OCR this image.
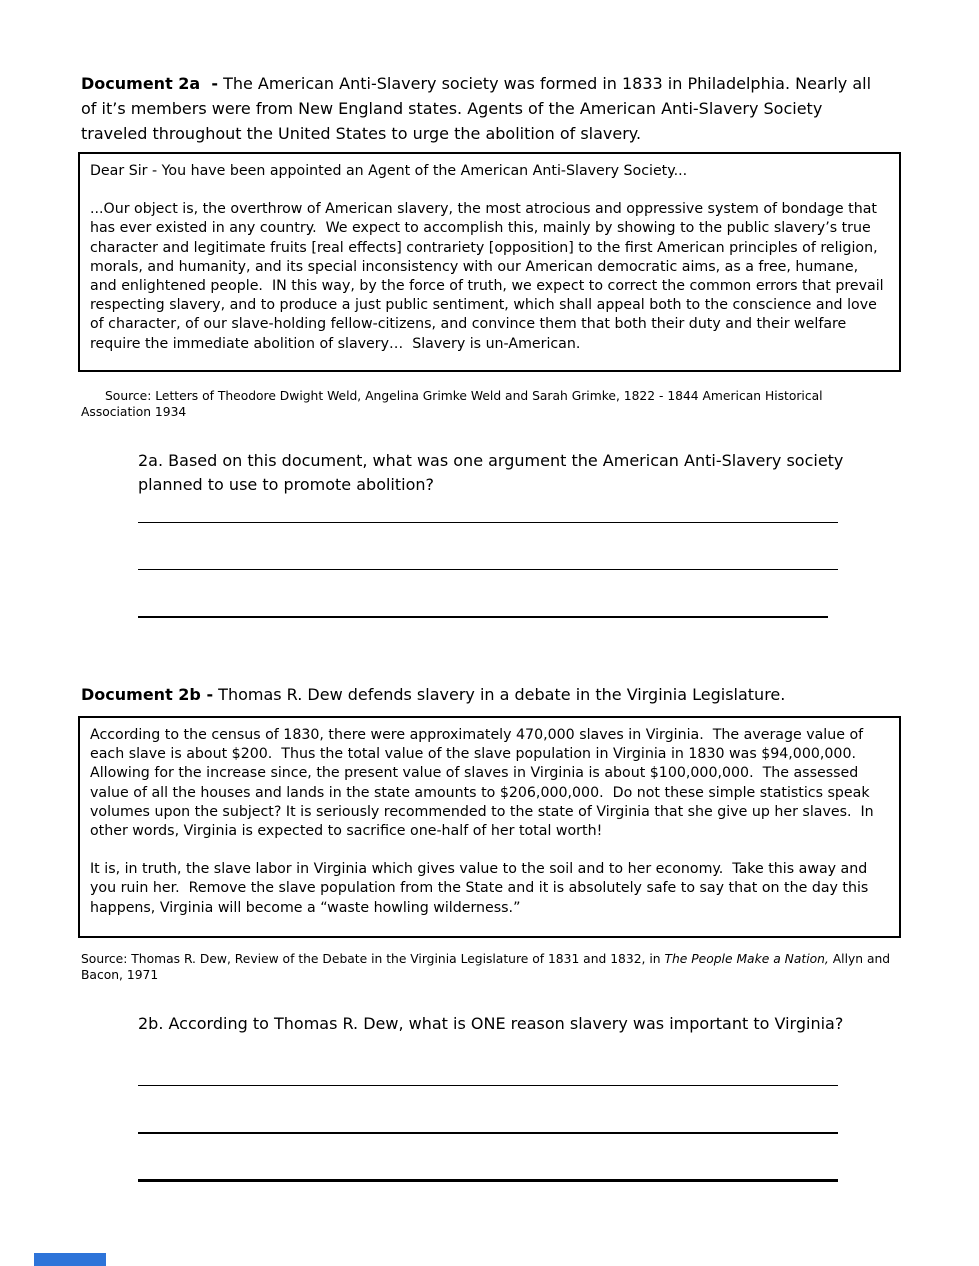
Document 2a  - The American Anti-Slavery society was formed in 1833 in Philadelphia. Nearly all of it’s members were from New England states. Agents of the American Anti-Slavery Society traveled throughout the United States to urge the abolition of slavery.

Dear Sir - You have been appointed an Agent of the American Anti-Slavery Society...

...Our object is, the overthrow of American slavery, the most atrocious and oppressive system of bondage that has ever existed in any country.  We expect to accomplish this, mainly by showing to the public slavery’s true character and legitimate fruits [real effects] contrariety [opposition] to the first American principles of religion, morals, and humanity, and its special inconsistency with our American democratic aims, as a free, humane, and enlightened people.  IN this way, by the force of truth, we expect to correct the common errors that prevail respecting slavery, and to produce a just public sentiment, which shall appeal both to the conscience and love of character, of our slave-holding fellow-citizens, and convince them that both their duty and their welfare require the immediate abolition of slavery…  Slavery is un-American.

Source: Letters of Theodore Dwight Weld, Angelina Grimke Weld and Sarah Grimke, 1822 - 1844 American Historical Association 1934

2a. Based on this document, what was one argument the American Anti-Slavery society planned to use to promote abolition?

Document 2b - Thomas R. Dew defends slavery in a debate in the Virginia Legislature.

According to the census of 1830, there were approximately 470,000 slaves in Virginia.  The average value of each slave is about $200.  Thus the total value of the slave population in Virginia in 1830 was $94,000,000.  Allowing for the increase since, the present value of slaves in Virginia is about $100,000,000.  The assessed value of all the houses and lands in the state amounts to $206,000,000.  Do not these simple statistics speak volumes upon the subject? It is seriously recommended to the state of Virginia that she give up her slaves.  In other words, Virginia is expected to sacrifice one-half of her total worth!

It is, in truth, the slave labor in Virginia which gives value to the soil and to her economy.  Take this away and you ruin her.  Remove the slave population from the State and it is absolutely safe to say that on the day this happens, Virginia will become a “waste howling wilderness.”

Source: Thomas R. Dew, Review of the Debate in the Virginia Legislature of 1831 and 1832, in The People Make a Nation, Allyn and Bacon, 1971

2b. According to Thomas R. Dew, what is ONE reason slavery was important to Virginia?
